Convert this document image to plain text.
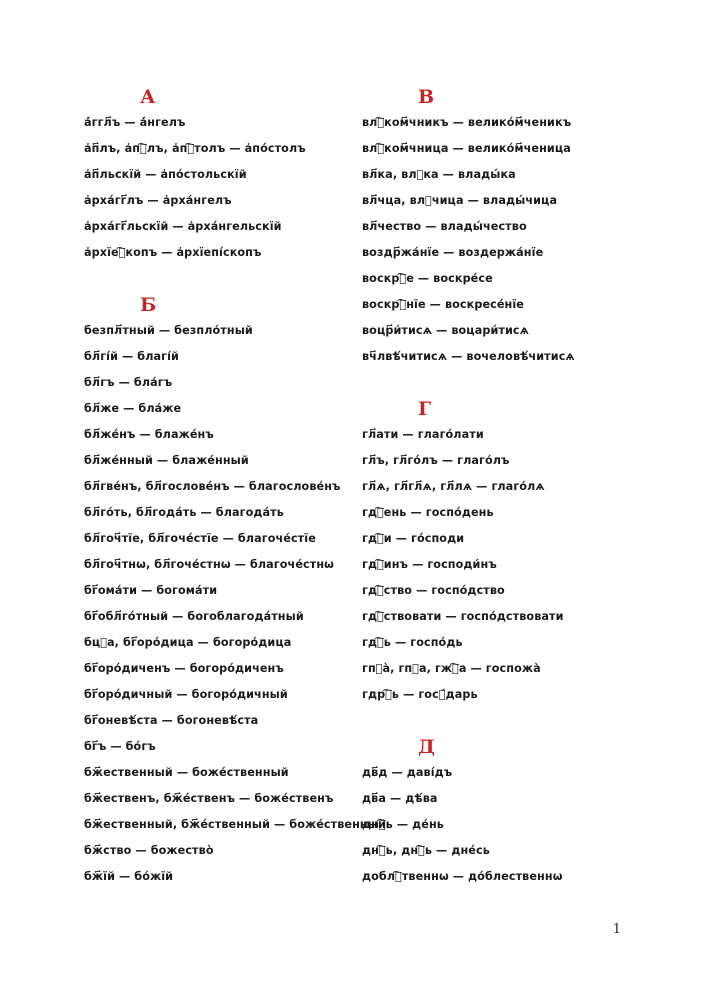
А
а҆́ггл҃ъ — а҆́нгелъ
а҆п҃лъ, а҆пⷭ҇лъ, а҆пⷭ҇толъ — а҆по́столъ
а҆п҃льскїй — а҆по́стольскїй
а҆рха́гг҃лъ — а҆рха́нгелъ
а҆рха́гг҃льскїй — а҆рха́нгельскїй
а҆рхїеⷫ҇копъ — а҆рхїепі́скопъ
Б
безпл҃тный — безпло́тный
бл҃гі́й — благі́й
бл҃гъ — бла́гъ
бл҃же — бла́же
бл҃же́нъ — блаже́нъ
бл҃же́нный — блаже́нный
бл҃гве́нъ, бл҃гослове́нъ — благослове́нъ
бл҃го́ть, бл҃года́ть — благода́ть
бл҃гоч҃тїе, бл҃гоче́стїе — благоче́стїе
бл҃гоч҃тнѡ, бл҃гоче́стнѡ — благоче́стнѡ
бг҃ома́ти — богома́ти
бг҃обл҃го́тный — богоблагода́тный
бцⷣа, бг҃оро́дица — богоро́дица
бг҃оро́диченъ — богоро́диченъ
бг҃оро́дичный — богоро́дичный
бг҃оневѣ́ста — богоневѣ́ста
бг҃ъ — бо́гъ
бж҃ественный — боже́ственный
бж҃ественъ, бж҃е́ственъ — боже́ственъ
бж҃ественный, бж҃е́ственный — боже́ственный
бж҃ство — божество̀
бж҃їй — бо́жїй
В
влⷭ҇ком҃чникъ — велико́м҃ченикъ
влⷭ҇ком҃чница — велико́м҃ченица
вл҃ка, влⷣка — влады́ка
вл҃чца, влⷣчица — влады́чица
вл҃чество — влады́чество
воздр҃жа́нїе — воздержа́нїе
воскрⷭ҇е — воскре́се
воскрⷭ҇нїе — воскресе́нїе
воцр҃и́тисѧ — воцари́тисѧ
вч҃лвѣ́читисѧ — вочеловѣ́читисѧ
Г
гл҃ати — глаго́лати
гл҃ъ, гл҃го́лъ — глаго́лъ
гл҃ѧ, гл҃гл҃ѧ, гл҃лѧ — глаго́лѧ
гдⷭ҇ень — госпо́день
гдⷭ҇и — го́споди
гдⷭ҇инъ — господи́нъ
гдⷭ҇ство — госпо́дство
гдⷭ҇ствовати — госпо́дствовати
гдⷭ҇ь — госпо́дь
гпⷤа̀, гпⷤа, гжⷭ҇а — госпожа̀
гдрⷭ҇ь — госꙋ́дарь
Д
дв҃д — даві́дъ
дв҃а — дѣ́ва
днⷭ҇ь — де́нь
днⷭ҇ь, днⷭ҇ь — дне́сь
доблⷭ҇твеннѡ — до́блественнѡ
1
